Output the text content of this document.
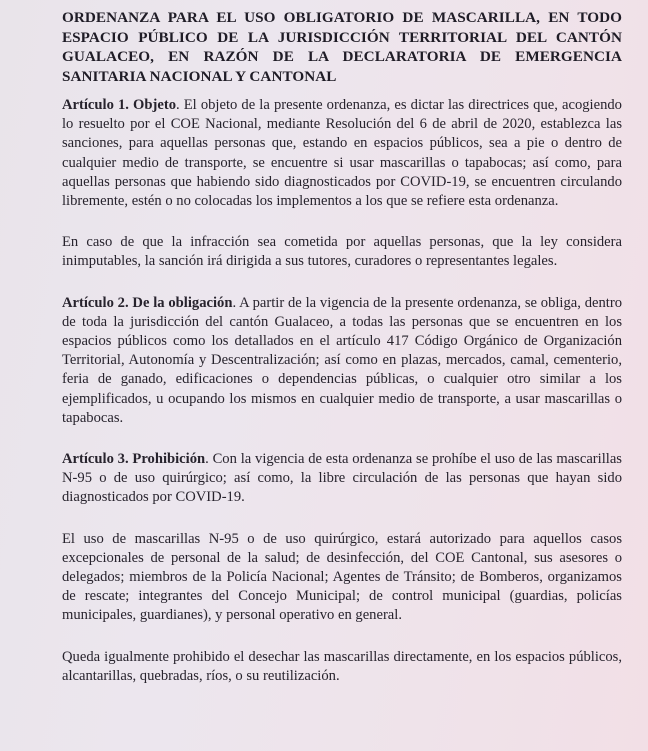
ORDENANZA PARA EL USO OBLIGATORIO DE MASCARILLA, EN TODO ESPACIO PÚBLICO DE LA JURISDICCIÓN TERRITORIAL DEL CANTÓN GUALACEO, EN RAZÓN DE LA DECLARATORIA DE EMERGENCIA SANITARIA NACIONAL Y CANTONAL

Artículo 1. Objeto. El objeto de la presente ordenanza, es dictar las directrices que, acogiendo lo resuelto por el COE Nacional, mediante Resolución del 6 de abril de 2020, establezca las sanciones, para aquellas personas que, estando en espacios públicos, sea a pie o dentro de cualquier medio de transporte, se encuentre si usar mascarillas o tapabocas; así como, para aquellas personas que habiendo sido diagnosticados por COVID-19, se encuentren circulando libremente, estén o no colocadas los implementos a los que se refiere esta ordenanza.

En caso de que la infracción sea cometida por aquellas personas, que la ley considera inimputables, la sanción irá dirigida a sus tutores, curadores o representantes legales.

Artículo 2. De la obligación. A partir de la vigencia de la presente ordenanza, se obliga, dentro de toda la jurisdicción del cantón Gualaceo, a todas las personas que se encuentren en los espacios públicos como los detallados en el artículo 417 Código Orgánico de Organización Territorial, Autonomía y Descentralización; así como en plazas, mercados, camal, cementerio, feria de ganado, edificaciones o dependencias públicas, o cualquier otro similar a los ejemplificados, u ocupando los mismos en cualquier medio de transporte, a usar mascarillas o tapabocas.

Artículo 3. Prohibición. Con la vigencia de esta ordenanza se prohíbe el uso de las mascarillas N-95 o de uso quirúrgico; así como, la libre circulación de las personas que hayan sido diagnosticados por COVID-19.

El uso de mascarillas N-95 o de uso quirúrgico, estará autorizado para aquellos casos excepcionales de personal de la salud; de desinfección, del COE Cantonal, sus asesores o delegados; miembros de la Policía Nacional; Agentes de Tránsito; de Bomberos, organizamos de rescate; integrantes del Concejo Municipal; de control municipal (guardias, policías municipales, guardianes), y personal operativo en general.

Queda igualmente prohibido el desechar las mascarillas directamente, en los espacios públicos, alcantarillas, quebradas, ríos, o su reutilización.
